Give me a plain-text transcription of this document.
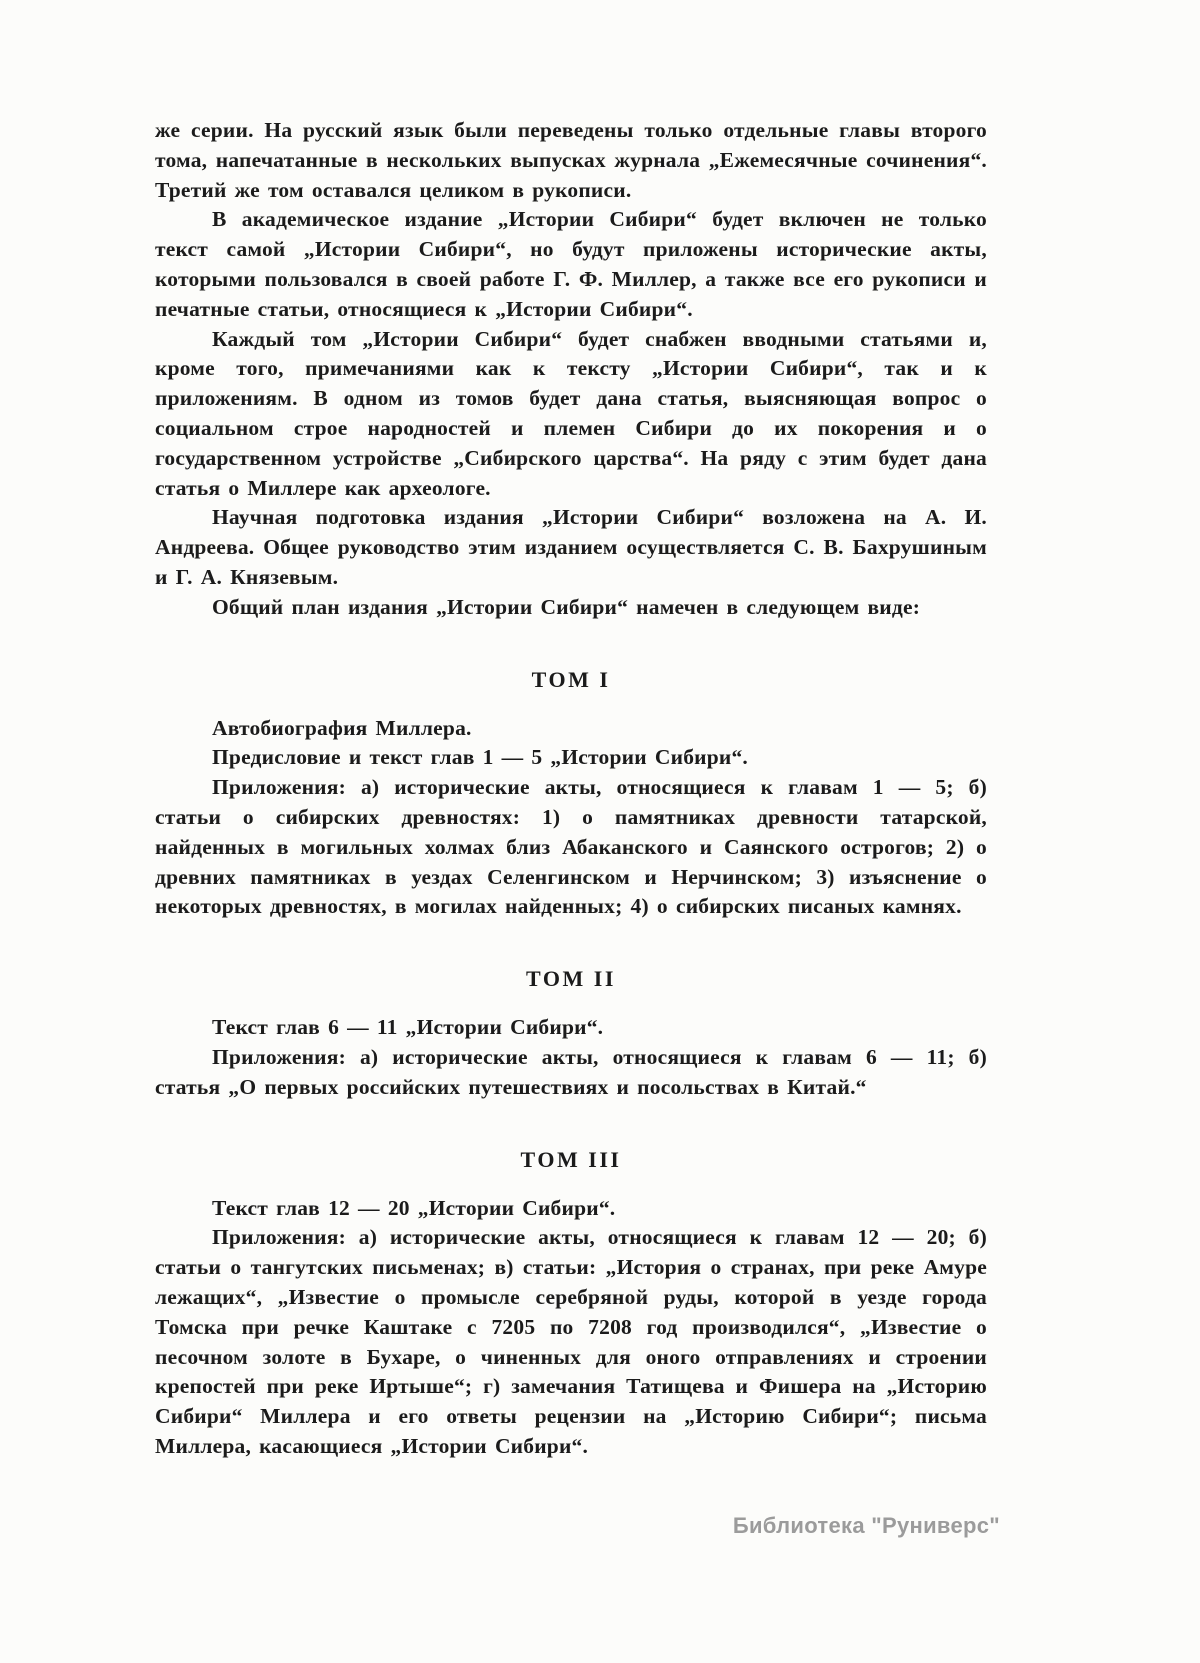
же серии. На русский язык были переведены только отдельные главы второго тома, напечатанные в нескольких выпусках журнала „Ежемесячные сочинения“. Третий же том оставался целиком в рукописи.

В академическое издание „Истории Сибири“ будет включен не только текст самой „Истории Сибири“, но будут приложены исторические акты, которыми пользовался в своей работе Г. Ф. Миллер, а также все его рукописи и печатные статьи, относящиеся к „Истории Сибири“.

Каждый том „Истории Сибири“ будет снабжен вводными статьями и, кроме того, примечаниями как к тексту „Истории Сибири“, так и к приложениям. В одном из томов будет дана статья, выясняющая вопрос о социальном строе народностей и племен Сибири до их покорения и о государственном устройстве „Сибирского царства“. На ряду с этим будет дана статья о Миллере как археологе.

Научная подготовка издания „Истории Сибири“ возложена на А. И. Андреева. Общее руководство этим изданием осуществляется С. В. Бахрушиным и Г. А. Князевым.

Общий план издания „Истории Сибири“ намечен в следующем виде:

ТОМ I

Автобиография Миллера.

Предисловие и текст глав 1 — 5 „Истории Сибири“.

Приложения: а) исторические акты, относящиеся к главам 1 — 5; б) статьи о сибирских древностях: 1) о памятниках древности татарской, найденных в могильных холмах близ Абаканского и Саянского острогов; 2) о древних памятниках в уездах Селенгинском и Нерчинском; 3) изъяснение о некоторых древностях, в могилах найденных; 4) о сибирских писаных камнях.

ТОМ II

Текст глав 6 — 11 „Истории Сибири“.

Приложения: а) исторические акты, относящиеся к главам 6 — 11; б) статья „О первых российских путешествиях и посольствах в Китай.“

ТОМ III

Текст глав 12 — 20 „Истории Сибири“.

Приложения: а) исторические акты, относящиеся к главам 12 — 20; б) статьи о тангутских письменах; в) статьи: „История о странах, при реке Амуре лежащих“, „Известие о промысле серебряной руды, которой в уезде города Томска при речке Каштаке с 7205 по 7208 год производился“, „Известие о песочном золоте в Бухаре, о чиненных для оного отправлениях и строении крепостей при реке Иртыше“; г) замечания Татищева и Фишера на „Историю Сибири“ Миллера и его ответы рецензии на „Историю Сибири“; письма Миллера, касающиеся „Истории Сибири“.

Библиотека "Руниверс"
